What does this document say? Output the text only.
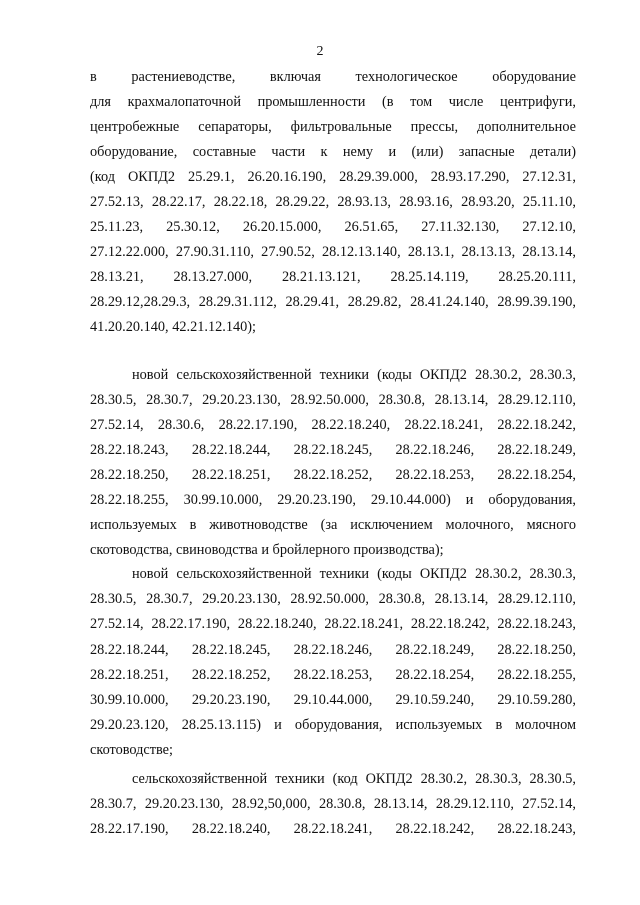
2
в растениеводстве, включая технологическое оборудование
для крахмалопаточной промышленности (в том числе центрифуги,
центробежные сепараторы, фильтровальные прессы, дополнительное
оборудование, составные части к нему и (или) запасные детали)
(код ОКПД2 25.29.1, 26.20.16.190, 28.29.39.000, 28.93.17.290, 27.12.31,
27.52.13, 28.22.17, 28.22.18, 28.29.22, 28.93.13, 28.93.16, 28.93.20, 25.11.10,
25.11.23, 25.30.12, 26.20.15.000, 26.51.65, 27.11.32.130, 27.12.10,
27.12.22.000, 27.90.31.110, 27.90.52, 28.12.13.140, 28.13.1, 28.13.13, 28.13.14,
28.13.21, 28.13.27.000, 28.21.13.121, 28.25.14.119, 28.25.20.111,
28.29.12,28.29.3, 28.29.31.112, 28.29.41, 28.29.82, 28.41.24.140, 28.99.39.190,
41.20.20.140, 42.21.12.140);
новой сельскохозяйственной техники (коды ОКПД2 28.30.2, 28.30.3,
28.30.5, 28.30.7, 29.20.23.130, 28.92.50.000, 28.30.8, 28.13.14, 28.29.12.110,
27.52.14, 28.30.6, 28.22.17.190, 28.22.18.240, 28.22.18.241, 28.22.18.242,
28.22.18.243, 28.22.18.244, 28.22.18.245, 28.22.18.246, 28.22.18.249,
28.22.18.250, 28.22.18.251, 28.22.18.252, 28.22.18.253, 28.22.18.254,
28.22.18.255, 30.99.10.000, 29.20.23.190, 29.10.44.000) и оборудования,
используемых в животноводстве (за исключением молочного, мясного
скотоводства, свиноводства и бройлерного производства);
новой сельскохозяйственной техники (коды ОКПД2 28.30.2, 28.30.3,
28.30.5, 28.30.7, 29.20.23.130, 28.92.50.000, 28.30.8, 28.13.14, 28.29.12.110,
27.52.14, 28.22.17.190, 28.22.18.240, 28.22.18.241, 28.22.18.242, 28.22.18.243,
28.22.18.244, 28.22.18.245, 28.22.18.246, 28.22.18.249, 28.22.18.250,
28.22.18.251, 28.22.18.252, 28.22.18.253, 28.22.18.254, 28.22.18.255,
30.99.10.000, 29.20.23.190, 29.10.44.000, 29.10.59.240, 29.10.59.280,
29.20.23.120, 28.25.13.115) и оборудования, используемых в молочном
скотоводстве;
сельскохозяйственной техники (код ОКПД2 28.30.2, 28.30.3, 28.30.5,
28.30.7, 29.20.23.130, 28.92,50,000, 28.30.8, 28.13.14, 28.29.12.110, 27.52.14,
28.22.17.190, 28.22.18.240, 28.22.18.241, 28.22.18.242, 28.22.18.243,
